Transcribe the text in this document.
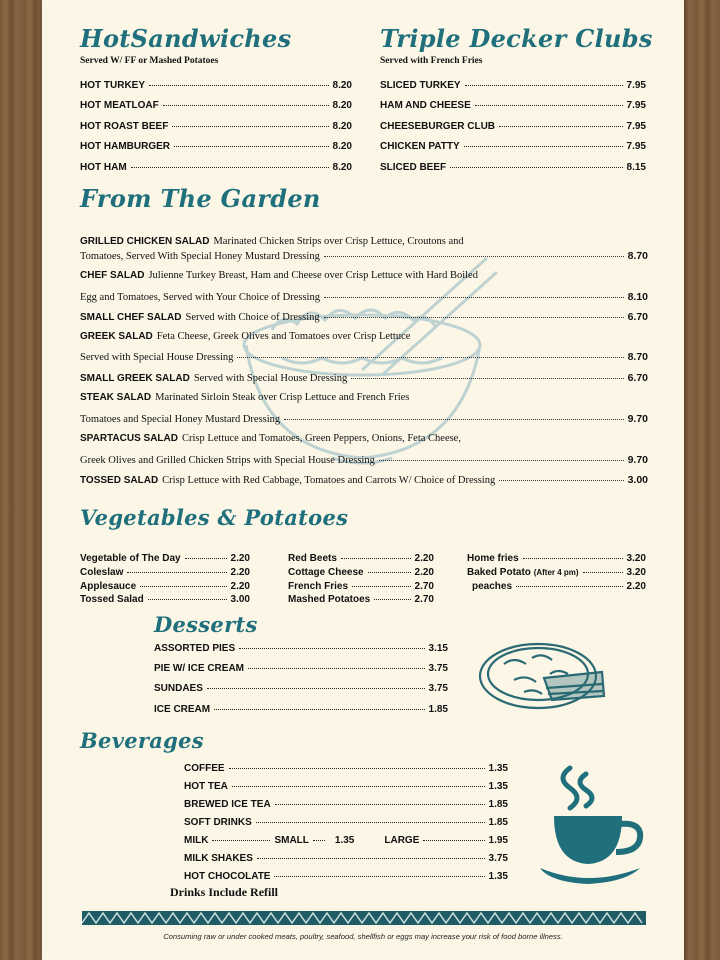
HotSandwiches
Served W/ FF or Mashed Potatoes
HOT TURKEY	8.20
HOT MEATLOAF	8.20
HOT ROAST BEEF	8.20
HOT HAMBURGER	8.20
HOT HAM	8.20
Triple Decker Clubs
Served with French Fries
SLICED TURKEY	7.95
HAM AND CHEESE	7.95
CHEESEBURGER CLUB	7.95
CHICKEN PATTY	7.95
SLICED BEEF	8.15
From The Garden
GRILLED CHICKEN SALAD Marinated Chicken Strips over Crisp Lettuce, Croutons and
Tomatoes, Served With Special Honey Mustard Dressing	8.70
CHEF SALAD Julienne Turkey Breast, Ham and Cheese over Crisp Lettuce with Hard Boiled
Egg and Tomatoes, Served with Your Choice of Dressing	8.10
SMALL CHEF SALAD Served with Choice of Dressing	6.70
GREEK SALAD Feta Cheese, Greek Olives and Tomatoes over Crisp Lettuce
Served with Special House Dressing	8.70
SMALL GREEK SALAD Served with Special House Dressing	6.70
STEAK SALAD Marinated Sirloin Steak over Crisp Lettuce and French Fries
Tomatoes and Special Honey Mustard Dressing	9.70
SPARTACUS SALAD Crisp Lettuce and Tomatoes, Green Peppers, Onions, Feta Cheese,
Greek Olives and Grilled Chicken Strips with Special House Dressing	9.70
TOSSED SALAD Crisp Lettuce with Red Cabbage, Tomatoes and Carrots W/ Choice of Dressing	3.00
Vegetables & Potatoes
Vegetable of The Day	2.20
Coleslaw	2.20
Applesauce	2.20
Tossed Salad	3.00
Red Beets	2.20
Cottage Cheese	2.20
French Fries	2.70
Mashed Potatoes	2.70
Home fries	3.20
Baked Potato
(After 4 pm)	3.20
peaches	2.20
Desserts
ASSORTED PIES	3.15
PIE W/ ICE CREAM	3.75
SUNDAES	3.75
ICE CREAM	1.85
Beverages
COFFEE	1.35
HOT TEA	1.35
BREWED ICE TEA	1.85
SOFT DRINKS	1.85
MILK	SMALL	1.35	LARGE	1.95
MILK SHAKES	3.75
HOT CHOCOLATE	1.35
Drinks Include Refill
Consuming raw or under cooked meats, poultry, seafood, shellfish or eggs may increase your risk of food borne illness.
